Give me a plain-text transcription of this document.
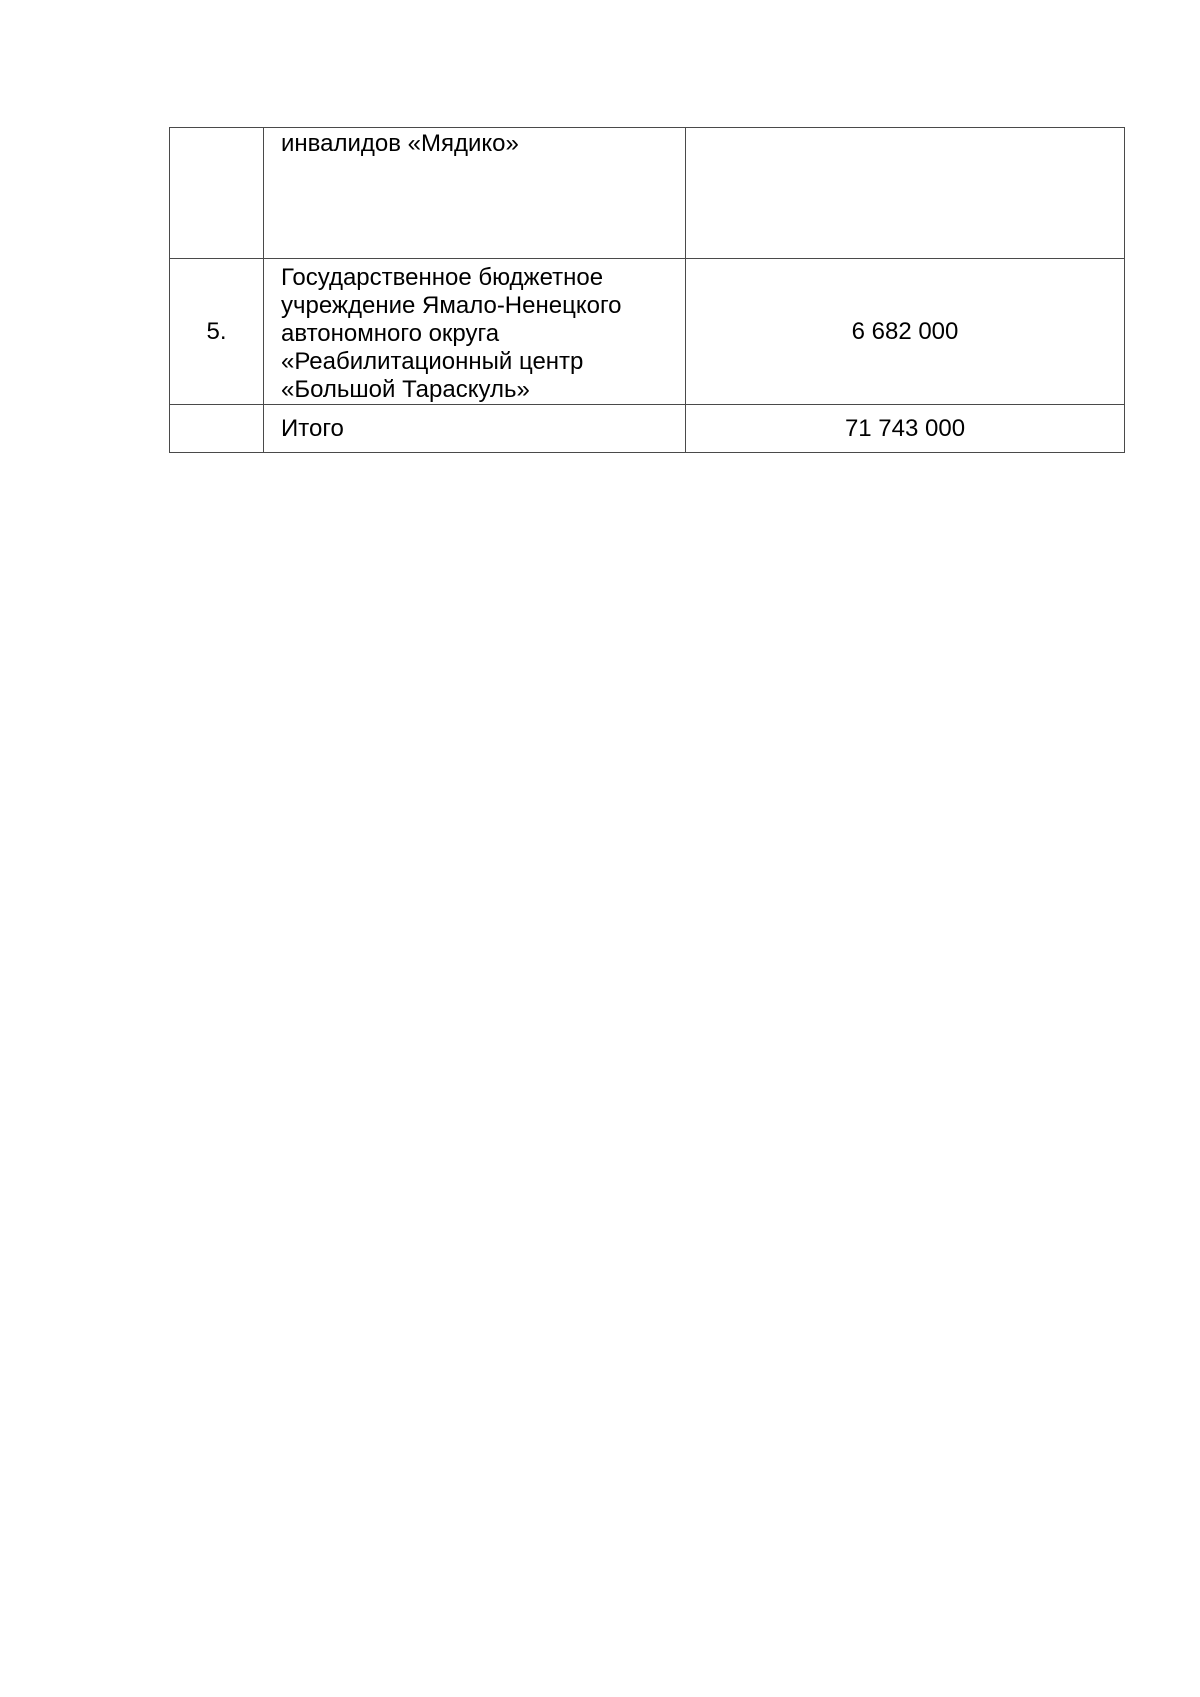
	инвалидов «Мядико»	

5.	Государственное бюджетное
учреждение Ямало-Ненецкого
автономного округа
«Реабилитационный центр
«Большой Тараскуль»	6 682 000

	Итого	71 743 000
